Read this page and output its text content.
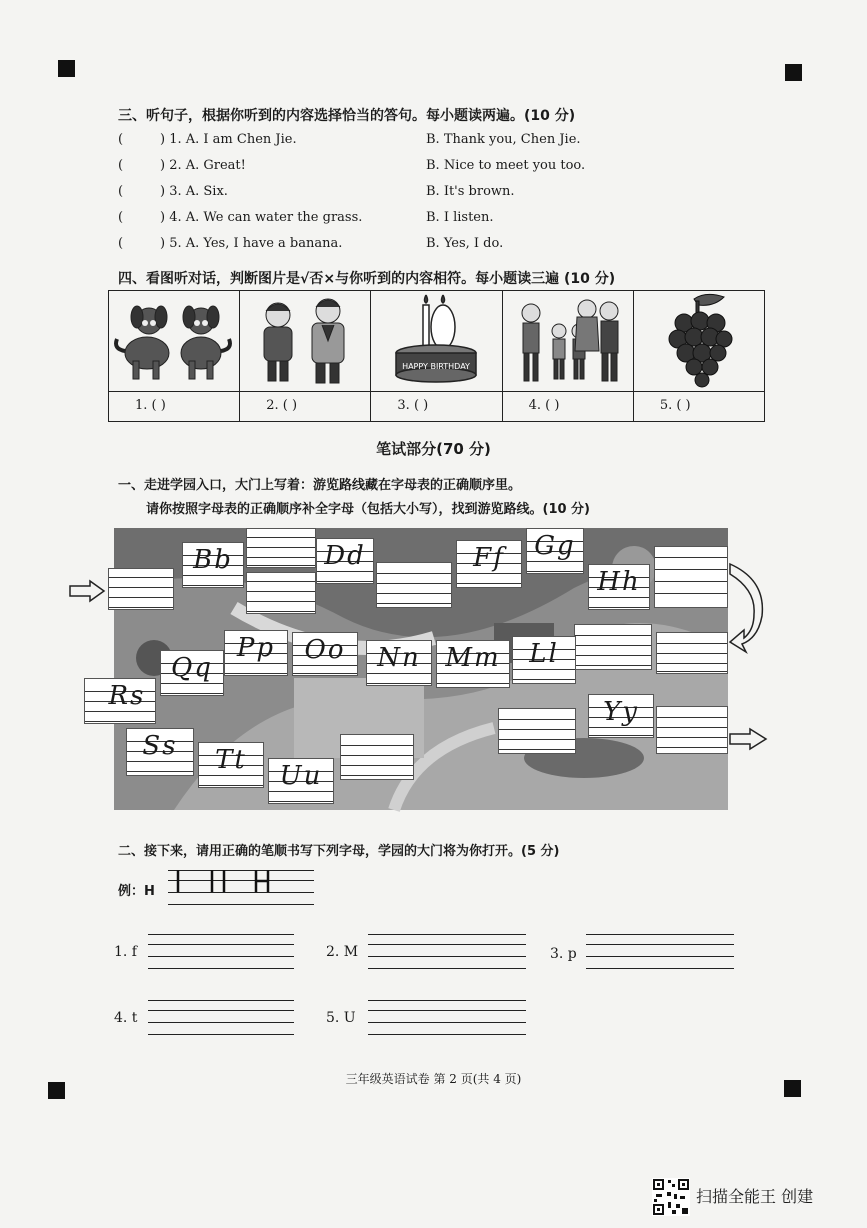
三、听句子，根据你听到的内容选择恰当的答句。每小题读两遍。(10 分)
(	) 1. A. I am Chen Jie.	B. Thank you, Chen Jie.
(	) 2. A. Great!	B. Nice to meet you too.
(	) 3. A. Six.	B. It's brown.
(	) 4. A. We can water the grass.	B. I listen.
(	) 5. A. Yes, I have a banana.	B. Yes, I do.
四、看图听对话，判断图片是√否×与你听到的内容相符。每小题读三遍 (10 分)
HAPPY BIRTHDAY
1. ( )	2. ( )	3. ( )	4. ( )	5. ( )
笔试部分(70 分)
一、走进学园入口，大门上写着：游览路线藏在字母表的正确顺序里。
请你按照字母表的正确顺序补全字母（包括大小写），找到游览路线。(10 分)
Bb	Dd	Ff	Gg
Hh
Pp	Oo	Nn Mm	Ll
Qq
Rs
Yy
Ss	Tt
Uu
二、接下来，请用正确的笔顺书写下列字母，学园的大门将为你打开。(5 分)
例：H
1. f	2. M	3. p
4. t	5. U
三年级英语试卷 第 2 页(共 4 页)
扫描全能王 创建
